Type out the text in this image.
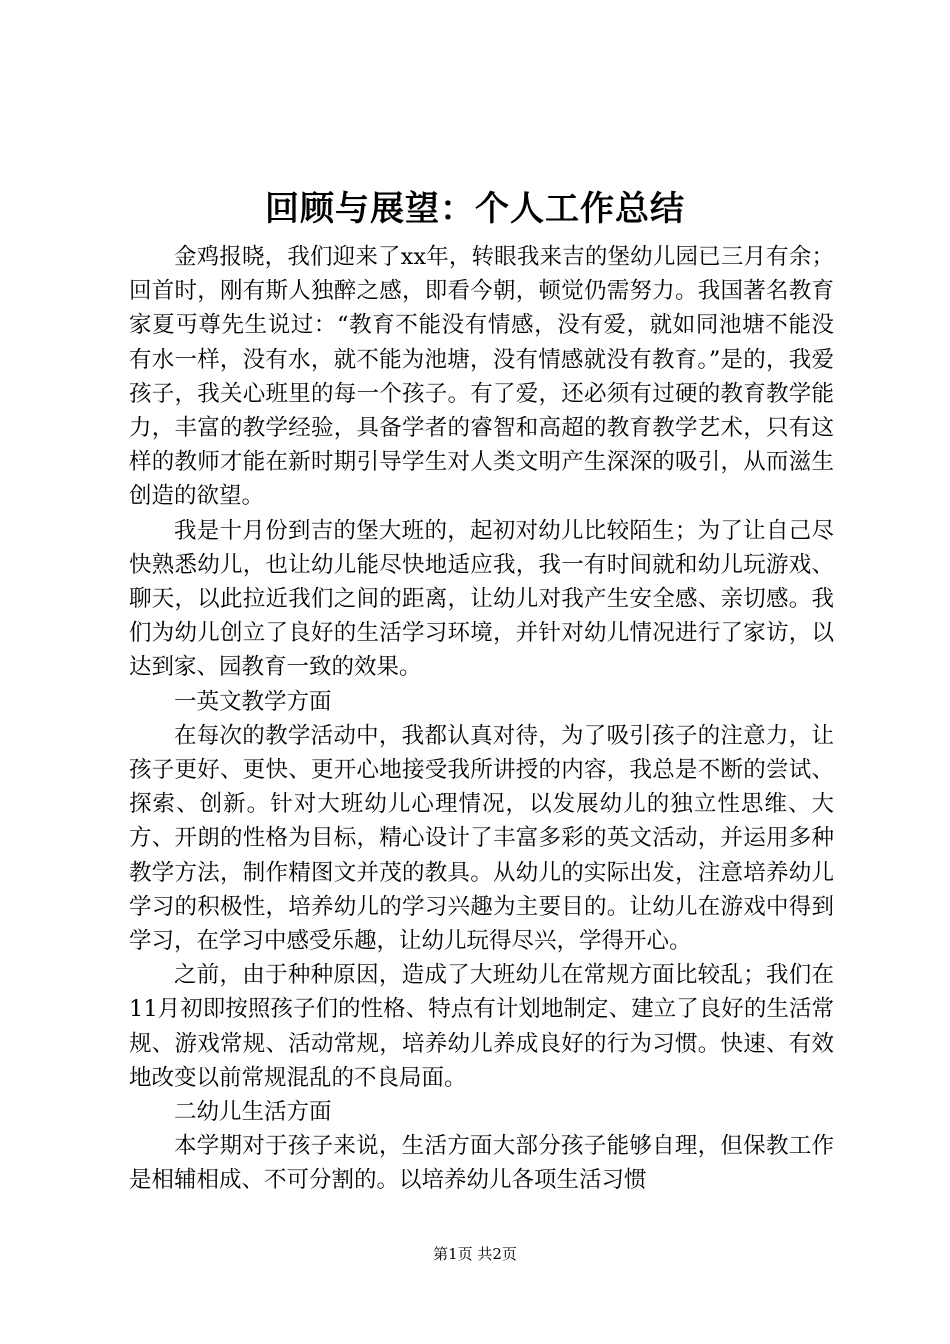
回顾与展望：个人工作总结

金鸡报晓，我们迎来了xx年，转眼我来吉的堡幼儿园已三月有余；回首时，刚有斯人独醉之感，即看今朝，顿觉仍需努力。我国著名教育家夏丏尊先生说过：“教育不能没有情感，没有爱，就如同池塘不能没有水一样，没有水，就不能为池塘，没有情感就没有教育。”是的，我爱孩子，我关心班里的每一个孩子。有了爱，还必须有过硬的教育教学能力，丰富的教学经验，具备学者的睿智和高超的教育教学艺术，只有这样的教师才能在新时期引导学生对人类文明产生深深的吸引，从而滋生创造的欲望。

我是十月份到吉的堡大班的，起初对幼儿比较陌生；为了让自己尽快熟悉幼儿，也让幼儿能尽快地适应我，我一有时间就和幼儿玩游戏、聊天，以此拉近我们之间的距离，让幼儿对我产生安全感、亲切感。我们为幼儿创立了良好的生活学习环境，并针对幼儿情况进行了家访，以达到家、园教育一致的效果。

一英文教学方面

在每次的教学活动中，我都认真对待，为了吸引孩子的注意力，让孩子更好、更快、更开心地接受我所讲授的内容，我总是不断的尝试、探索、创新。针对大班幼儿心理情况，以发展幼儿的独立性思维、大方、开朗的性格为目标，精心设计了丰富多彩的英文活动，并运用多种教学方法，制作精图文并茂的教具。从幼儿的实际出发，注意培养幼儿学习的积极性，培养幼儿的学习兴趣为主要目的。让幼儿在游戏中得到学习，在学习中感受乐趣，让幼儿玩得尽兴，学得开心。

之前，由于种种原因，造成了大班幼儿在常规方面比较乱；我们在11月初即按照孩子们的性格、特点有计划地制定、建立了良好的生活常规、游戏常规、活动常规，培养幼儿养成良好的行为习惯。快速、有效地改变以前常规混乱的不良局面。

二幼儿生活方面

本学期对于孩子来说，生活方面大部分孩子能够自理，但保教工作是相辅相成、不可分割的。以培养幼儿各项生活习惯

第1页 共2页
